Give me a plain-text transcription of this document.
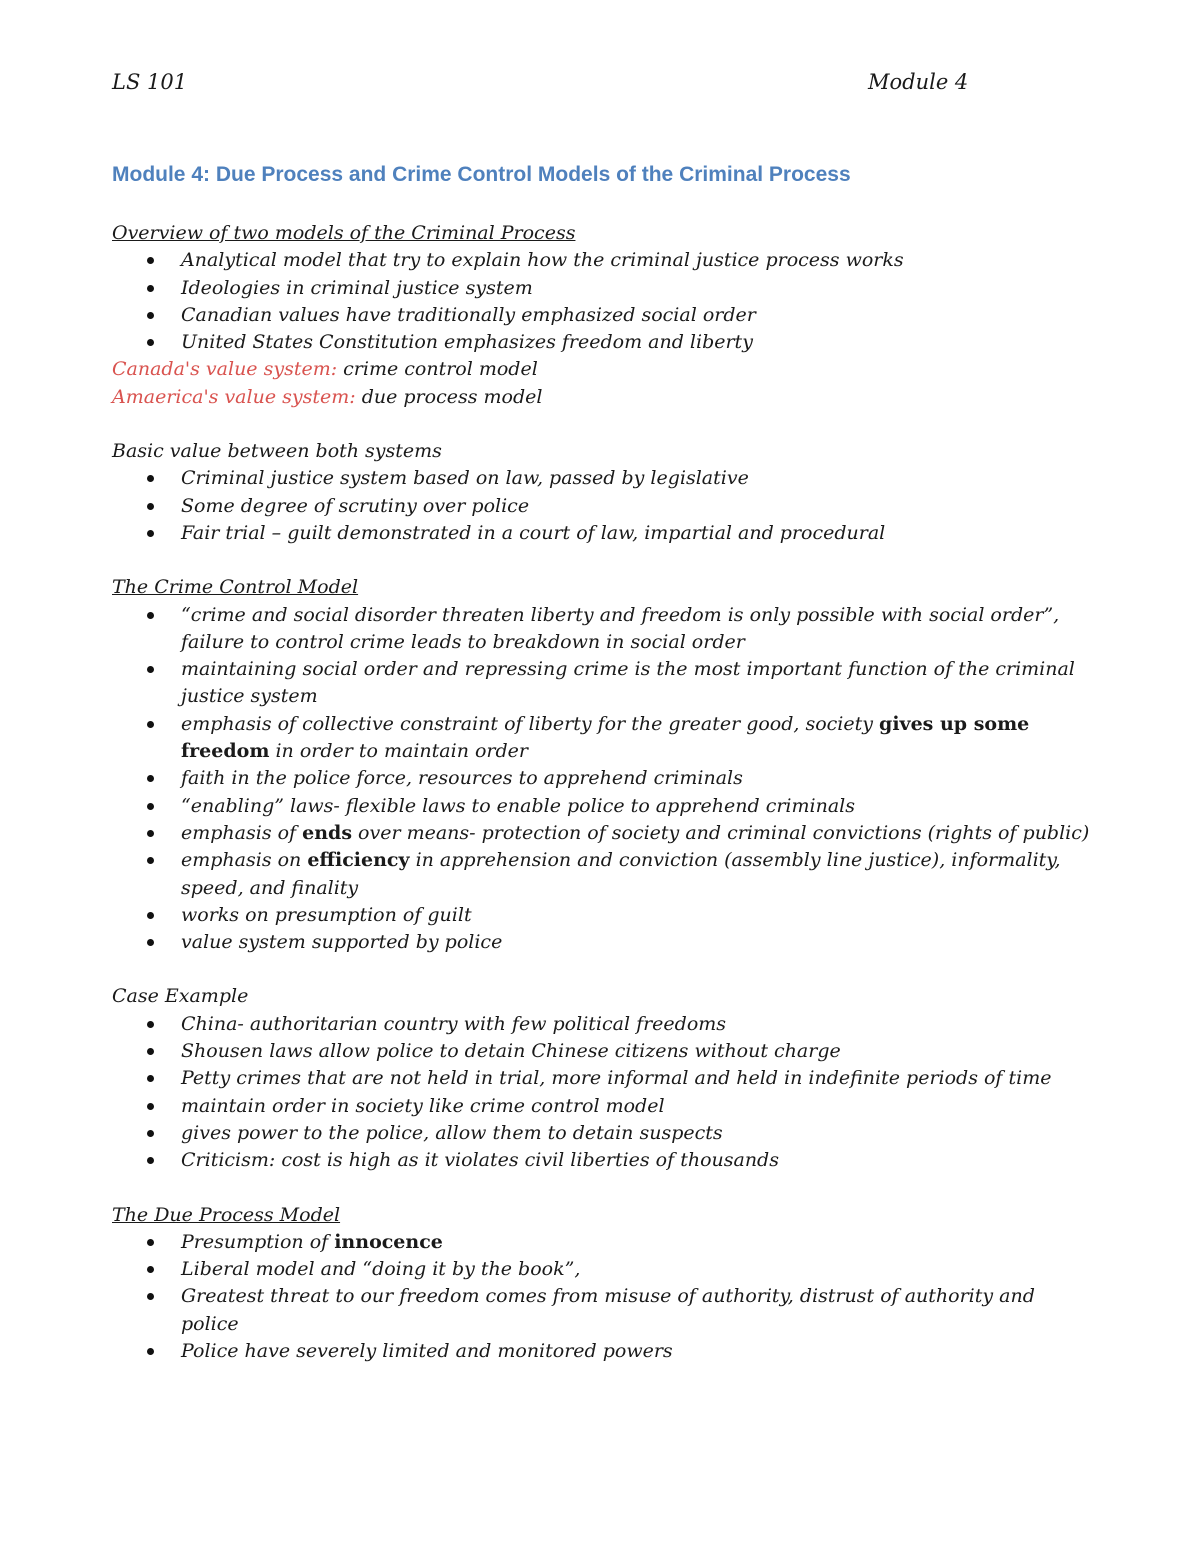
LS 101	Module 4
Module 4: Due Process and Crime Control Models of the Criminal Process

Overview of two models of the Criminal Process

Analytical model that try to explain how the criminal justice process works
Ideologies in criminal justice system
Canadian values have traditionally emphasized social order
United States Constitution emphasizes freedom and liberty

Canada's value system: crime control model

Amaerica's value system: due process model

Basic value between both systems

Criminal justice system based on law, passed by legislative
Some degree of scrutiny over police
Fair trial – guilt demonstrated in a court of law, impartial and procedural

The Crime Control Model

“crime and social disorder threaten liberty and freedom is only possible with social order”, failure to control crime leads to breakdown in social order
maintaining social order and repressing crime is the most important function of the criminal justice system
emphasis of collective constraint of liberty for the greater good, society gives up some freedom in order to maintain order
faith in the police force, resources to apprehend criminals
“enabling” laws- flexible laws to enable police to apprehend criminals
emphasis of ends over means- protection of society and criminal convictions (rights of public)
emphasis on efficiency in apprehension and conviction (assembly line justice), informality, speed, and finality
works on presumption of guilt
value system supported by police

Case Example

China- authoritarian country with few political freedoms
Shousen laws allow police to detain Chinese citizens without charge
Petty crimes that are not held in trial, more informal and held in indefinite periods of time
maintain order in society like crime control model
gives power to the police, allow them to detain suspects
Criticism: cost is high as it violates civil liberties of thousands

The Due Process Model

Presumption of innocence
Liberal model and “doing it by the book”,
Greatest threat to our freedom comes from misuse of authority, distrust of authority and police
Police have severely limited and monitored powers
